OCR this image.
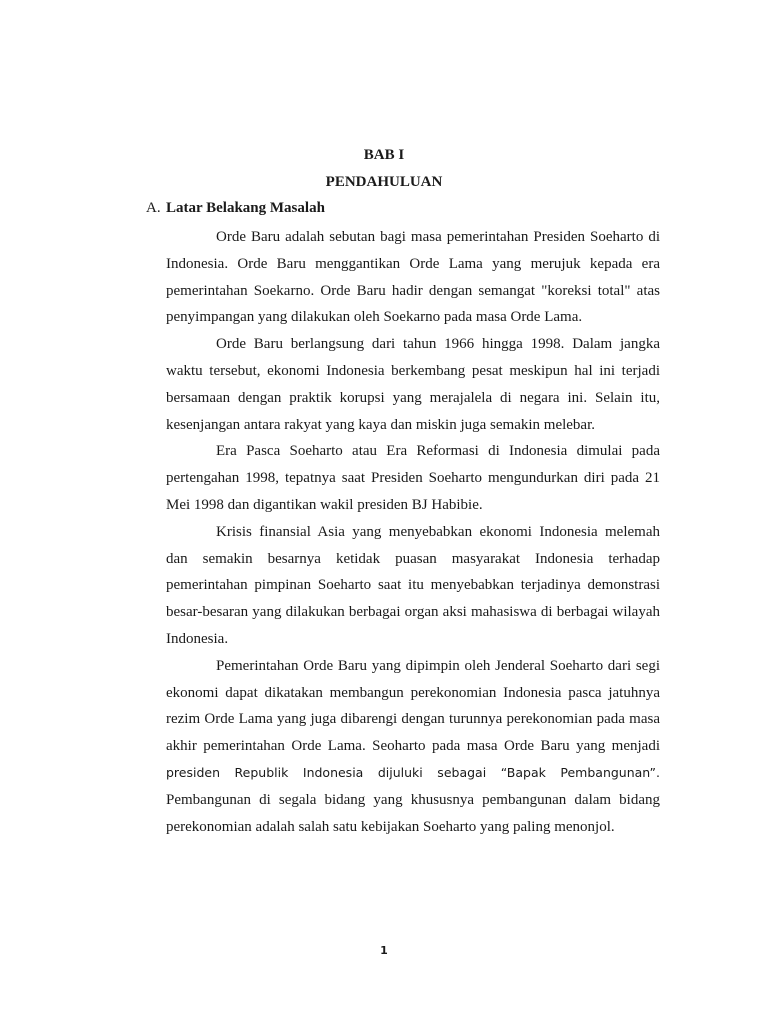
BAB I
PENDAHULUAN
A. Latar Belakang Masalah

Orde Baru adalah sebutan bagi masa pemerintahan Presiden Soeharto di Indonesia. Orde Baru menggantikan Orde Lama yang merujuk kepada era pemerintahan Soekarno. Orde Baru hadir dengan semangat "koreksi total" atas penyimpangan yang dilakukan oleh Soekarno pada masa Orde Lama.

Orde Baru berlangsung dari tahun 1966 hingga 1998. Dalam jangka waktu tersebut, ekonomi Indonesia berkembang pesat meskipun hal ini terjadi bersamaan dengan praktik korupsi yang merajalela di negara ini. Selain itu, kesenjangan antara rakyat yang kaya dan miskin juga semakin melebar.

Era Pasca Soeharto atau Era Reformasi di Indonesia dimulai pada pertengahan 1998, tepatnya saat Presiden Soeharto mengundurkan diri pada 21 Mei 1998 dan digantikan wakil presiden BJ Habibie.

Krisis finansial Asia yang menyebabkan ekonomi Indonesia melemah dan semakin besarnya ketidak puasan masyarakat Indonesia terhadap pemerintahan pimpinan Soeharto saat itu menyebabkan terjadinya demonstrasi besar-besaran yang dilakukan berbagai organ aksi mahasiswa di berbagai wilayah Indonesia.

Pemerintahan Orde Baru yang dipimpin oleh Jenderal Soeharto dari segi ekonomi dapat dikatakan membangun perekonomian Indonesia pasca jatuhnya rezim Orde Lama yang juga dibarengi dengan turunnya perekonomian pada masa akhir pemerintahan Orde Lama. Seoharto pada masa Orde Baru yang menjadi presiden Republik Indonesia dijuluki sebagai “Bapak Pembangunan”. Pembangunan di segala bidang yang khususnya pembangunan dalam bidang perekonomian adalah salah satu kebijakan Soeharto yang paling menonjol.

1
